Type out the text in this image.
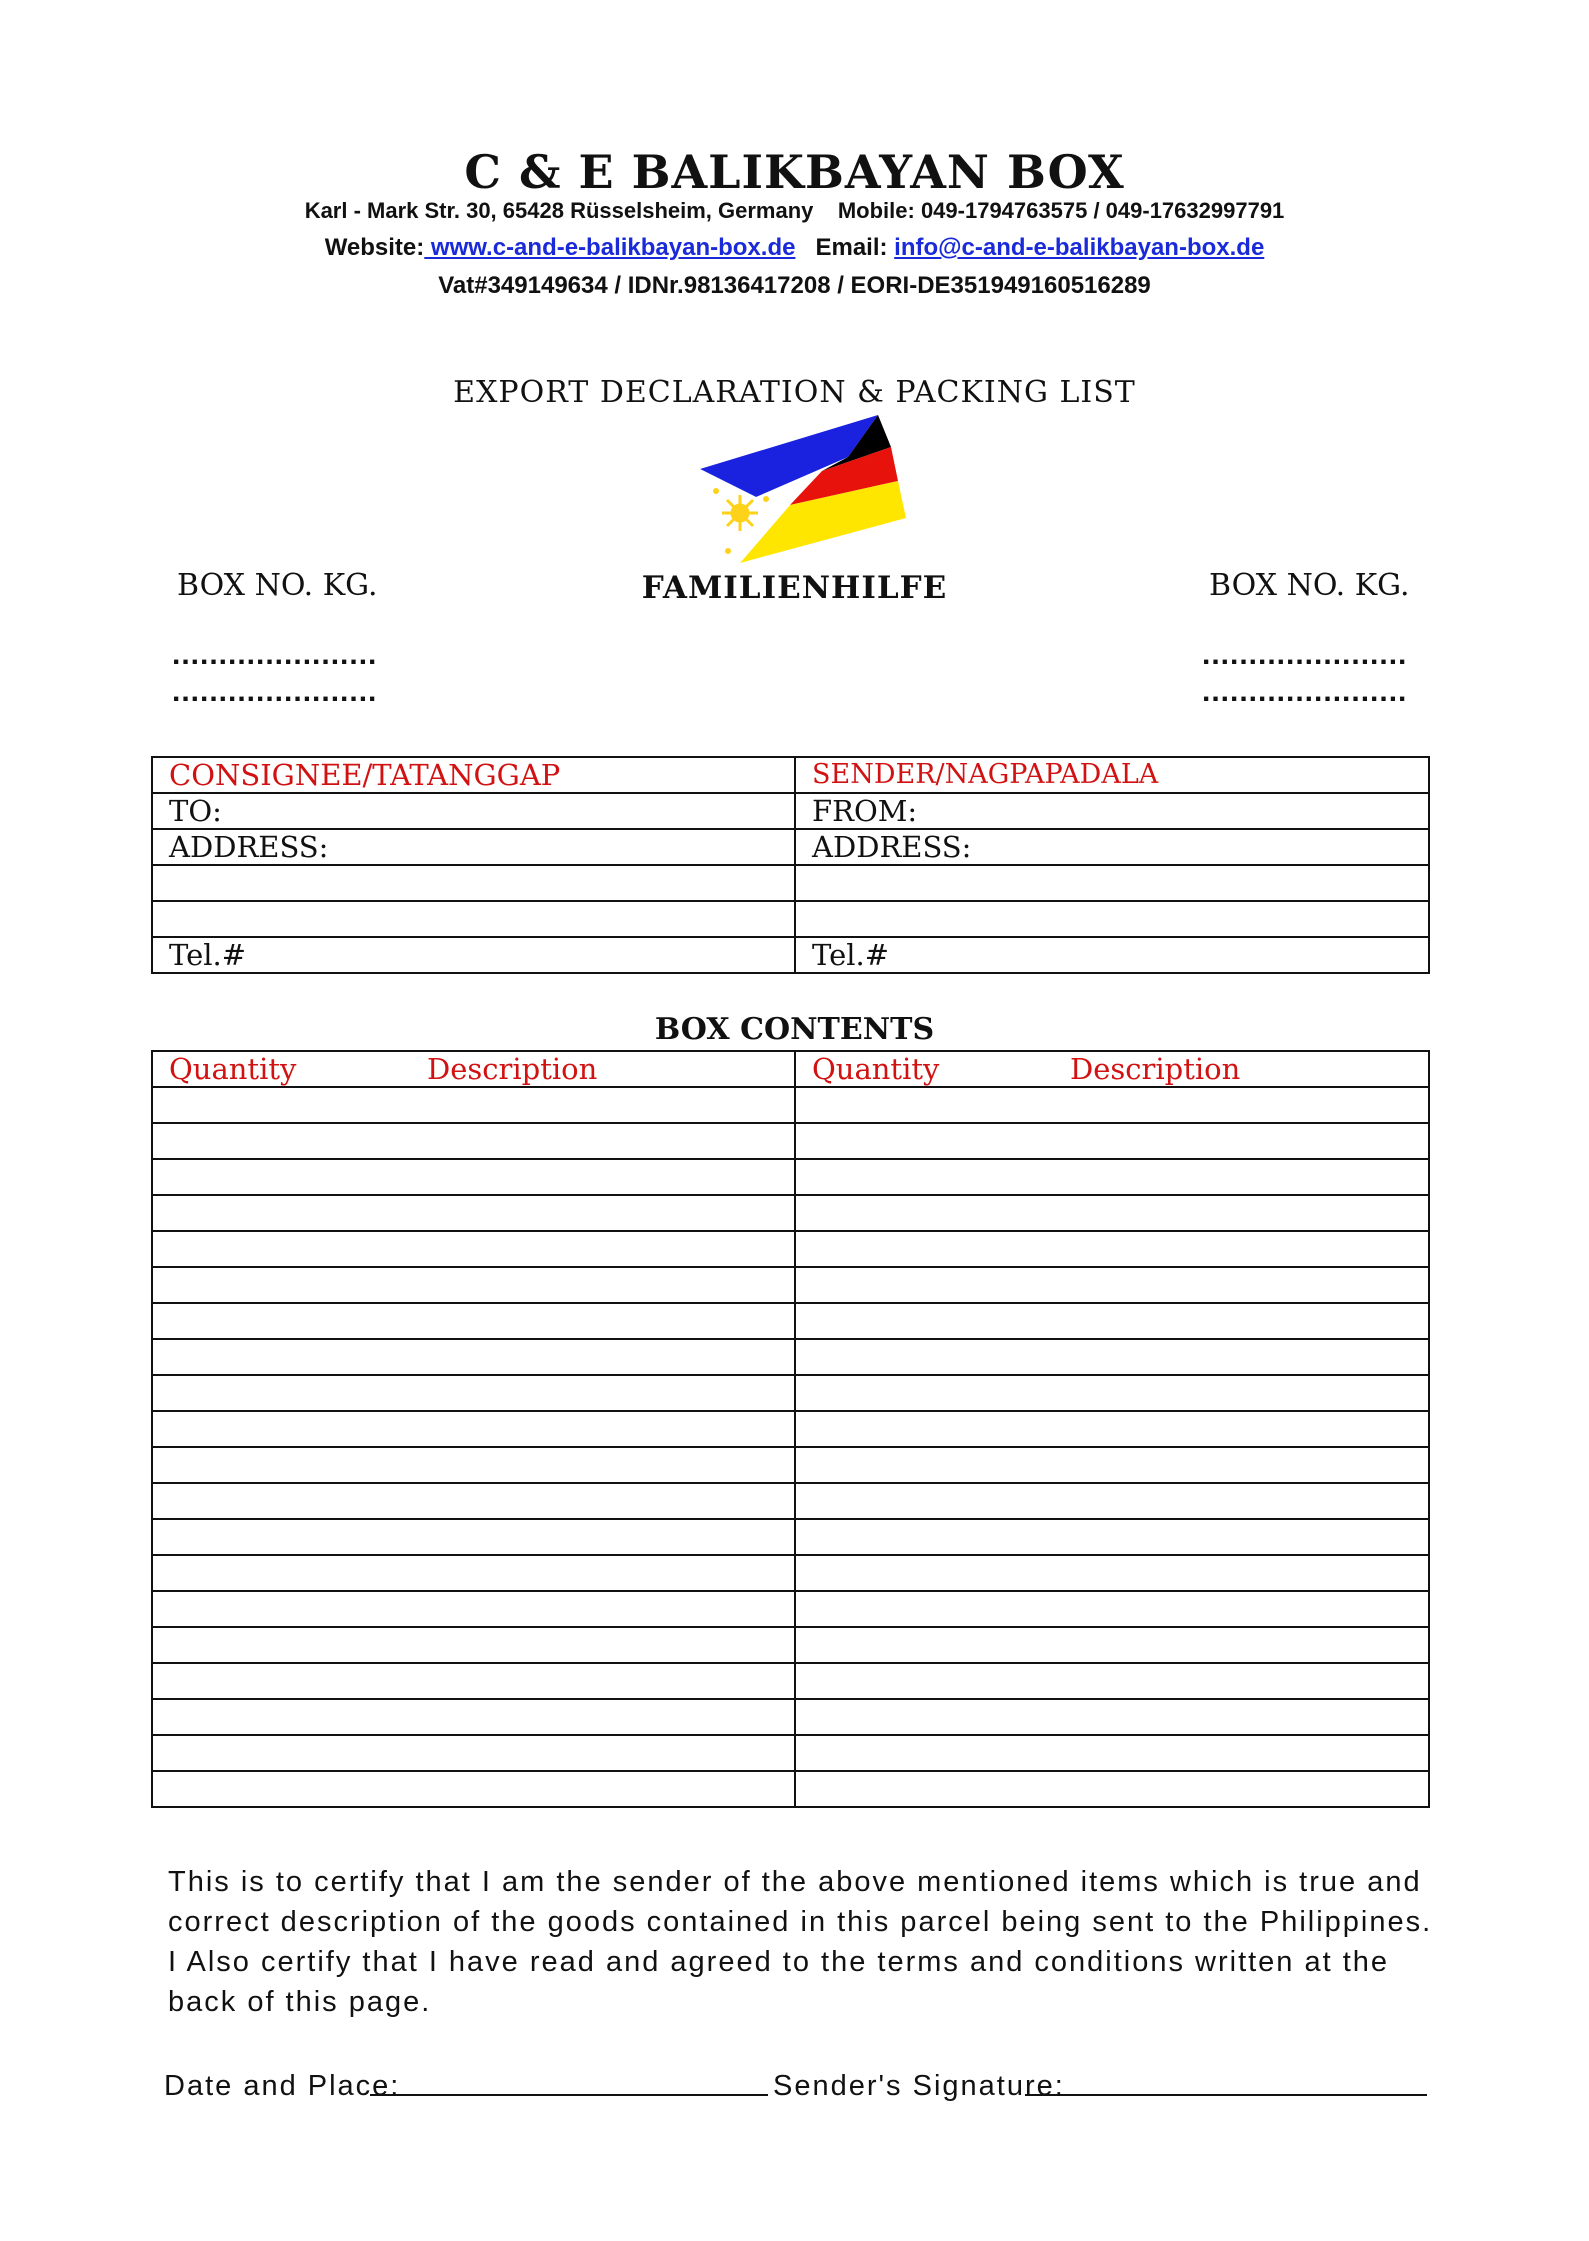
C & E BALIKBAYAN BOX
Karl - Mark Str. 30, 65428 Rüsselsheim, Germany    Mobile: 049-1794763575 / 049-17632997791
Website: www.c-and-e-balikbayan-box.de Email: info@c-and-e-balikbayan-box.de
Vat#349149634 / IDNr.98136417208 / EORI-DE351949160516289
EXPORT DECLARATION & PACKING LIST
BOX NO. KG.	FAMILIENHILFE	BOX NO. KG.
......................
......................
......................
......................
CONSIGNEE/TATANGGAP	SENDER/NAGPAPADALA
TO:	FROM:
ADDRESS:	ADDRESS:

Tel.#	Tel.#
BOX CONTENTS
Quantity Description	Quantity Description

This is to certify that I am the sender of the above mentioned items which is true and correct description of the goods contained in this parcel being sent to the Philippines. I Also certify that I have read and agreed to the terms and conditions written at the back of this page.
Date and Place:	Sender's Signature:
